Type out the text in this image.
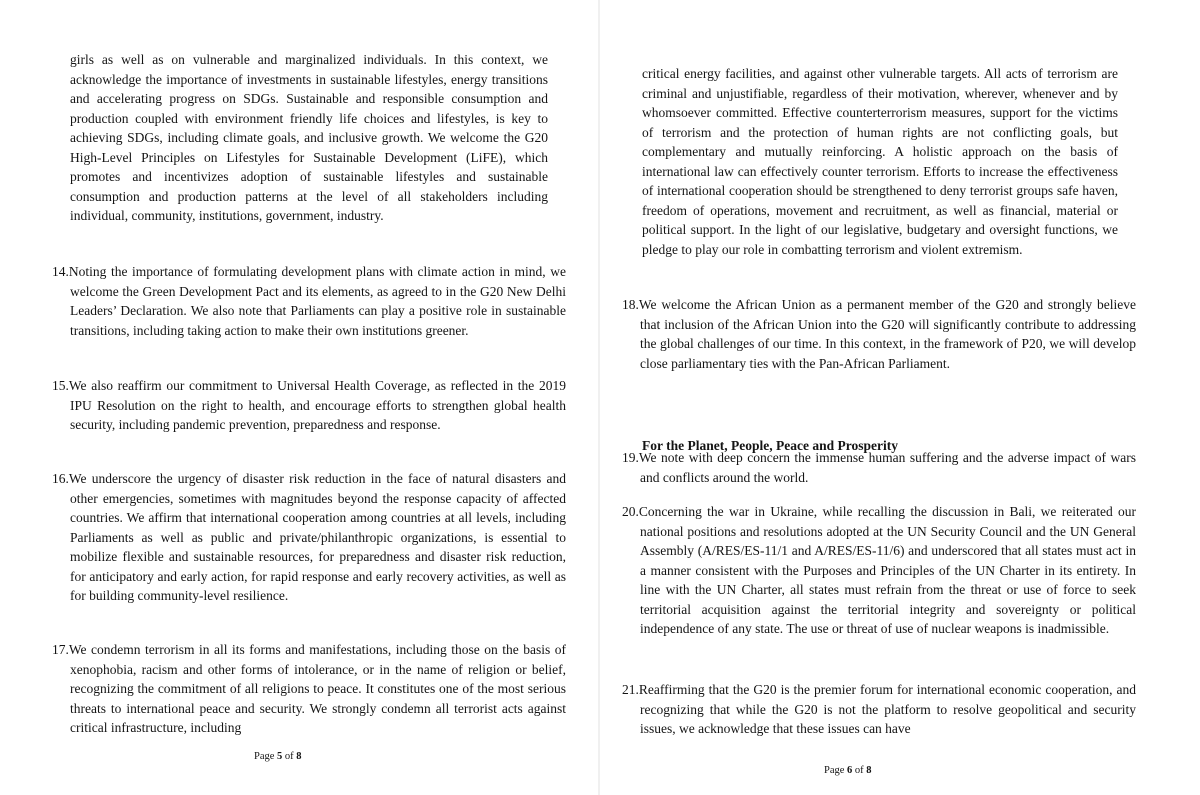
girls as well as on vulnerable and marginalized individuals. In this context, we acknowledge the importance of investments in sustainable lifestyles, energy transitions and accelerating progress on SDGs. Sustainable and responsible consumption and production coupled with environment friendly life choices and lifestyles, is key to achieving SDGs, including climate goals, and inclusive growth. We welcome the G20 High-Level Principles on Lifestyles for Sustainable Development (LiFE), which promotes and incentivizes adoption of sustainable lifestyles and sustainable consumption and production patterns at the level of all stakeholders including individual, community, institutions, government, industry.
14.Noting the importance of formulating development plans with climate action in mind, we welcome the Green Development Pact and its elements, as agreed to in the G20 New Delhi Leaders’ Declaration. We also note that Parliaments can play a positive role in sustainable transitions, including taking action to make their own institutions greener.
15.We also reaffirm our commitment to Universal Health Coverage, as reflected in the 2019 IPU Resolution on the right to health, and encourage efforts to strengthen global health security, including pandemic prevention, preparedness and response.
16.We underscore the urgency of disaster risk reduction in the face of natural disasters and other emergencies, sometimes with magnitudes beyond the response capacity of affected countries. We affirm that international cooperation among countries at all levels, including Parliaments as well as public and private/philanthropic organizations, is essential to mobilize flexible and sustainable resources, for preparedness and disaster risk reduction, for anticipatory and early action, for rapid response and early recovery activities, as well as for building community-level resilience.
17.We condemn terrorism in all its forms and manifestations, including those on the basis of xenophobia, racism and other forms of intolerance, or in the name of religion or belief, recognizing the commitment of all religions to peace. It constitutes one of the most serious threats to international peace and security. We strongly condemn all terrorist acts against critical infrastructure, including
Page 5 of 8
critical energy facilities, and against other vulnerable targets. All acts of terrorism are criminal and unjustifiable, regardless of their motivation, wherever, whenever and by whomsoever committed. Effective counterterrorism measures, support for the victims of terrorism and the protection of human rights are not conflicting goals, but complementary and mutually reinforcing. A holistic approach on the basis of international law can effectively counter terrorism. Efforts to increase the effectiveness of international cooperation should be strengthened to deny terrorist groups safe haven, freedom of operations, movement and recruitment, as well as financial, material or political support. In the light of our legislative, budgetary and oversight functions, we pledge to play our role in combatting terrorism and violent extremism.
18.We welcome the African Union as a permanent member of the G20 and strongly believe that inclusion of the African Union into the G20 will significantly contribute to addressing the global challenges of our time. In this context, in the framework of P20, we will develop close parliamentary ties with the Pan-African Parliament.
For the Planet, People, Peace and Prosperity
19.We note with deep concern the immense human suffering and the adverse impact of wars and conflicts around the world.
20.Concerning the war in Ukraine, while recalling the discussion in Bali, we reiterated our national positions and resolutions adopted at the UN Security Council and the UN General Assembly (A/RES/ES-11/1 and A/RES/ES-11/6) and underscored that all states must act in a manner consistent with the Purposes and Principles of the UN Charter in its entirety. In line with the UN Charter, all states must refrain from the threat or use of force to seek territorial acquisition against the territorial integrity and sovereignty or political independence of any state. The use or threat of use of nuclear weapons is inadmissible.
21.Reaffirming that the G20 is the premier forum for international economic cooperation, and recognizing that while the G20 is not the platform to resolve geopolitical and security issues, we acknowledge that these issues can have
Page 6 of 8
